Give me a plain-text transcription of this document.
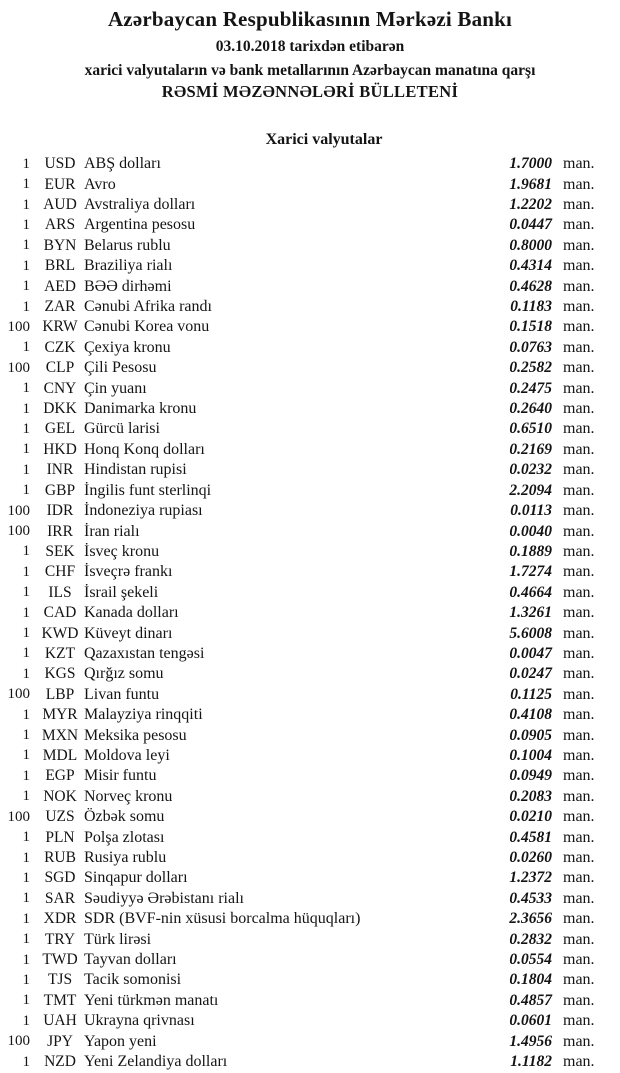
Azərbaycan Respublikasının Mərkəzi Bankı
03.10.2018 tarixdən etibarən
xarici valyutaların və bank metallarının Azərbaycan manatına qarşı
RƏSMİ MƏZƏNNƏLƏRİ BÜLLETENİ
Xarici valyutalar
1 USD ABŞ dolları	1.7000 man.
1 EUR Avro	1.9681 man.
1 AUD Avstraliya dolları	1.2202 man.
1 ARS Argentina pesosu	0.0447 man.
1 BYN Belarus rublu	0.8000 man.
1 BRL Braziliya rialı	0.4314 man.
1 AED BƏƏ dirhəmi	0.4628 man.
1 ZAR Cənubi Afrika randı	0.1183 man.
100 KRW Cənubi Korea vonu	0.1518 man.
1 CZK Çexiya kronu	0.0763 man.
100	CLP Çili Pesosu	0.2582 man.
1 CNY Çin yuanı	0.2475 man.
1 DKK Danimarka kronu	0.2640 man.
1 GEL Gürcü larisi	0.6510 man.
1 HKD Honq Konq dolları	0.2169 man.
1	INR Hindistan rupisi	0.0232 man.
1 GBP İngilis funt sterlinqi	2.2094 man.
100	IDR İndoneziya rupiası	0.0113 man.
100	IRR İran rialı	0.0040 man.
1 SEK İsveç kronu	0.1889 man.
1 CHF İsveçrə frankı	1.7274 man.
1	ILS İsrail şekeli	0.4664 man.
1 CAD Kanada dolları	1.3261 man.
1 KWD Küveyt dinarı	5.6008 man.
1 KZT Qazaxıstan tengəsi	0.0047 man.
1 KGS Qırğız somu	0.0247 man.
100	LBP Livan funtu	0.1125 man.
1 MYR Malayziya rinqqiti	0.4108 man.
1 MXN Meksika pesosu	0.0905 man.
1 MDL Moldova leyi	0.1004 man.
1 EGP Misir funtu	0.0949 man.
1 NOK Norveç kronu	0.2083 man.
100 UZS Özbək somu	0.0210 man.
1 PLN Polşa zlotası	0.4581 man.
1 RUB Rusiya rublu	0.0260 man.
1 SGD Sinqapur dolları	1.2372 man.
1 SAR Səudiyyə Ərəbistanı rialı	0.4533 man.
1 XDR SDR (BVF-nin xüsusi borcalma hüquqları)	2.3656 man.
1 TRY Türk lirəsi	0.2832 man.
1 TWD Tayvan dolları	0.0554 man.
1	TJS Tacik somonisi	0.1804 man.
1 TMT Yeni türkmən manatı	0.4857 man.
1 UAH Ukrayna qrivnası	0.0601 man.
100	JPY Yapon yeni	1.4956 man.
1 NZD Yeni Zelandiya dolları	1.1182 man.
